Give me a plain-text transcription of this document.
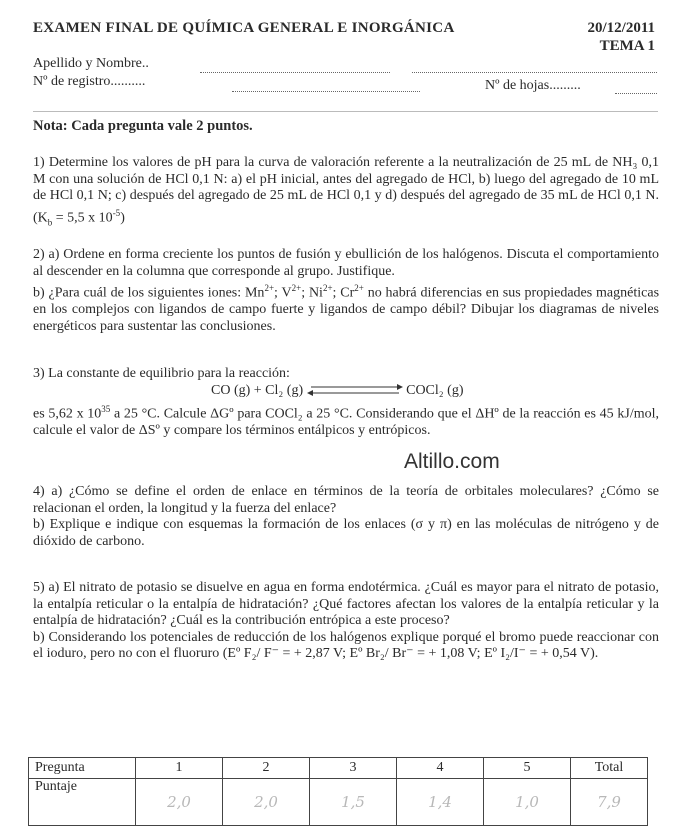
EXAMEN FINAL DE QUÍMICA GENERAL E INORGÁNICA	20/12/2011
TEMA 1
Apellido y Nombre..
Nº de registro..........	Nº de hojas.........
Nota: Cada pregunta vale 2 puntos.

1) Determine los valores de pH para la curva de valoración referente a la neutralización de 25 mL de NH₃ 0,1 M con una solución de HCl 0,1 N: a) el pH inicial, antes del agregado de HCl, b) luego del agregado de 10 mL de HCl 0,1 N; c) después del agregado de 25 mL de HCl 0,1 y d) después del agregado de 35 mL de HCl 0,1 N. ($K_b = 5,5$ x $10^{-5}$)

2) a) Ordene en forma creciente los puntos de fusión y ebullición de los halógenos. Discuta el comportamiento al descender en la columna que corresponde al grupo. Justifique.

b) ¿Para cuál de los siguientes iones: $Mn^{2+}$; $V^{2+}$; $Ni^{2+}$; $Cr^{2+}$ no habrá diferencias en sus propiedades magnéticas en los complejos con ligandos de campo fuerte y ligandos de campo débil? Dibujar los diagramas de niveles energéticos para sustentar las conclusiones.

3) La constante de equilibrio para la reacción:

CO (g) + Cl₂ (g)	COCl₂ (g)

es 5,62 x $10^{35}$ a 25 °C. Calcule ΔGº para COCl₂ a 25 °C. Considerando que el ΔHº de la reacción es 45 kJ/mol, calcule el valor de ΔSº y compare los términos entálpicos y entrópicos.

Altillo.com

4) a) ¿Cómo se define el orden de enlace en términos de la teoría de orbitales moleculares? ¿Cómo se relacionan el orden, la longitud y la fuerza del enlace?

b) Explique e indique con esquemas la formación de los enlaces (σ y π) en las moléculas de nitrógeno y de dióxido de carbono.

5) a) El nitrato de potasio se disuelve en agua en forma endotérmica. ¿Cuál es mayor para el nitrato de potasio, la entalpía reticular o la entalpía de hidratación? ¿Qué factores afectan los valores de la entalpía reticular y la entalpía de hidratación? ¿Cuál es la contribución entrópica a este proceso?

b) Considerando los potenciales de reducción de los halógenos explique porqué el bromo puede reaccionar con el ioduro, pero no con el fluoruro (Eº F₂/ F⁻ = + 2,87 V; Eº Br₂/ Br⁻ = + 1,08 V; Eº I₂/I⁻ = + 0,54 V).

Pregunta	1	2	3	4	5	Total
Puntaje	2,0	2,0	1,5	1,4	1,0	7,9
